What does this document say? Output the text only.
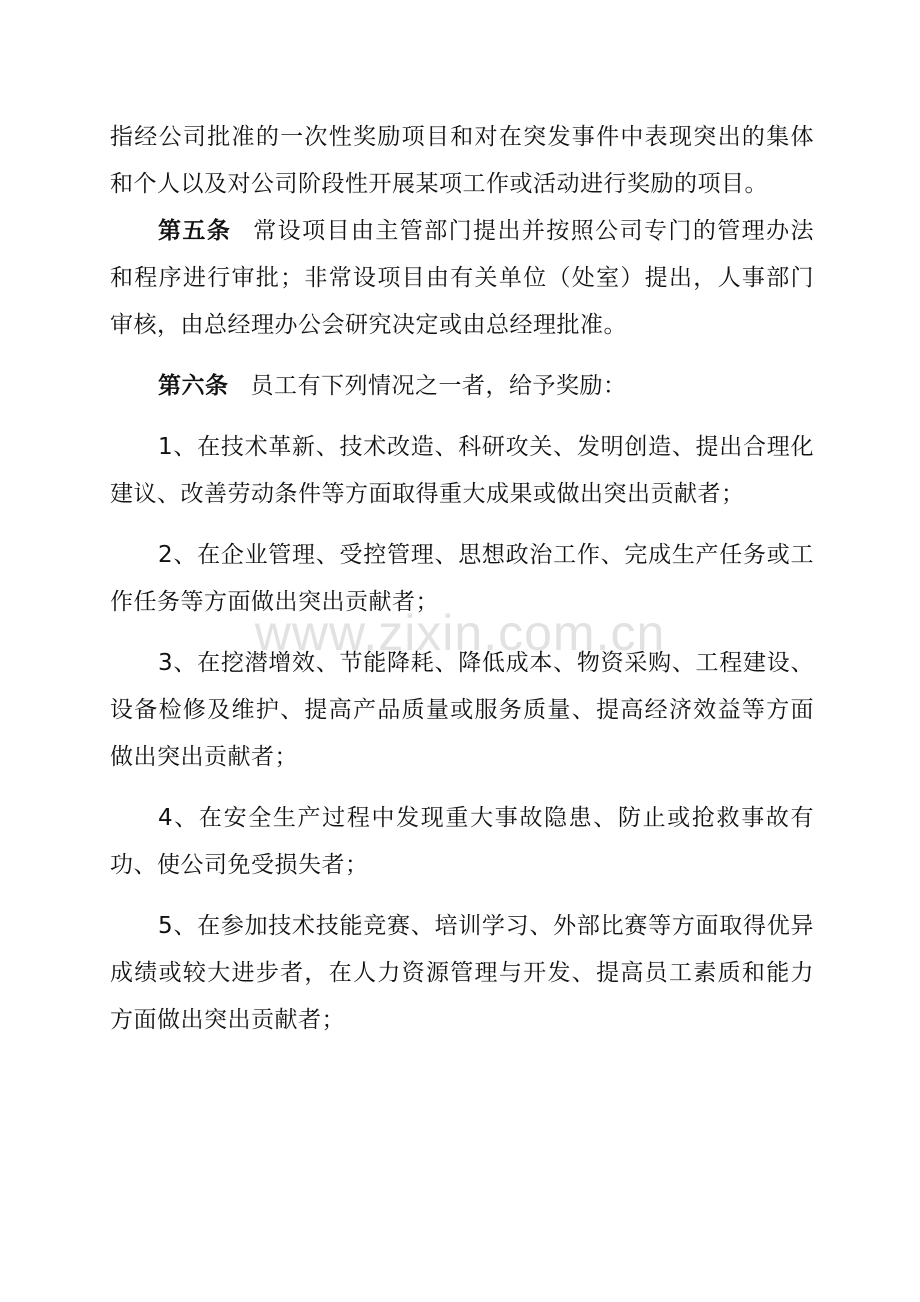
指经公司批准的一次性奖励项目和对在突发事件中表现突出的集体和个人以及对公司阶段性开展某项工作或活动进行奖励的项目。

第五条 常设项目由主管部门提出并按照公司专门的管理办法和程序进行审批；非常设项目由有关单位（处室）提出，人事部门审核，由总经理办公会研究决定或由总经理批准。

第六条 员工有下列情况之一者，给予奖励：

1、在技术革新、技术改造、科研攻关、发明创造、提出合理化建议、改善劳动条件等方面取得重大成果或做出突出贡献者；

2、在企业管理、受控管理、思想政治工作、完成生产任务或工作任务等方面做出突出贡献者；

3、在挖潜增效、节能降耗、降低成本、物资采购、工程建设、设备检修及维护、提高产品质量或服务质量、提高经济效益等方面做出突出贡献者；

4、在安全生产过程中发现重大事故隐患、防止或抢救事故有功、使公司免受损失者；

5、在参加技术技能竞赛、培训学习、外部比赛等方面取得优异成绩或较大进步者，在人力资源管理与开发、提高员工素质和能力方面做出突出贡献者；

www.zixin.com.cn
